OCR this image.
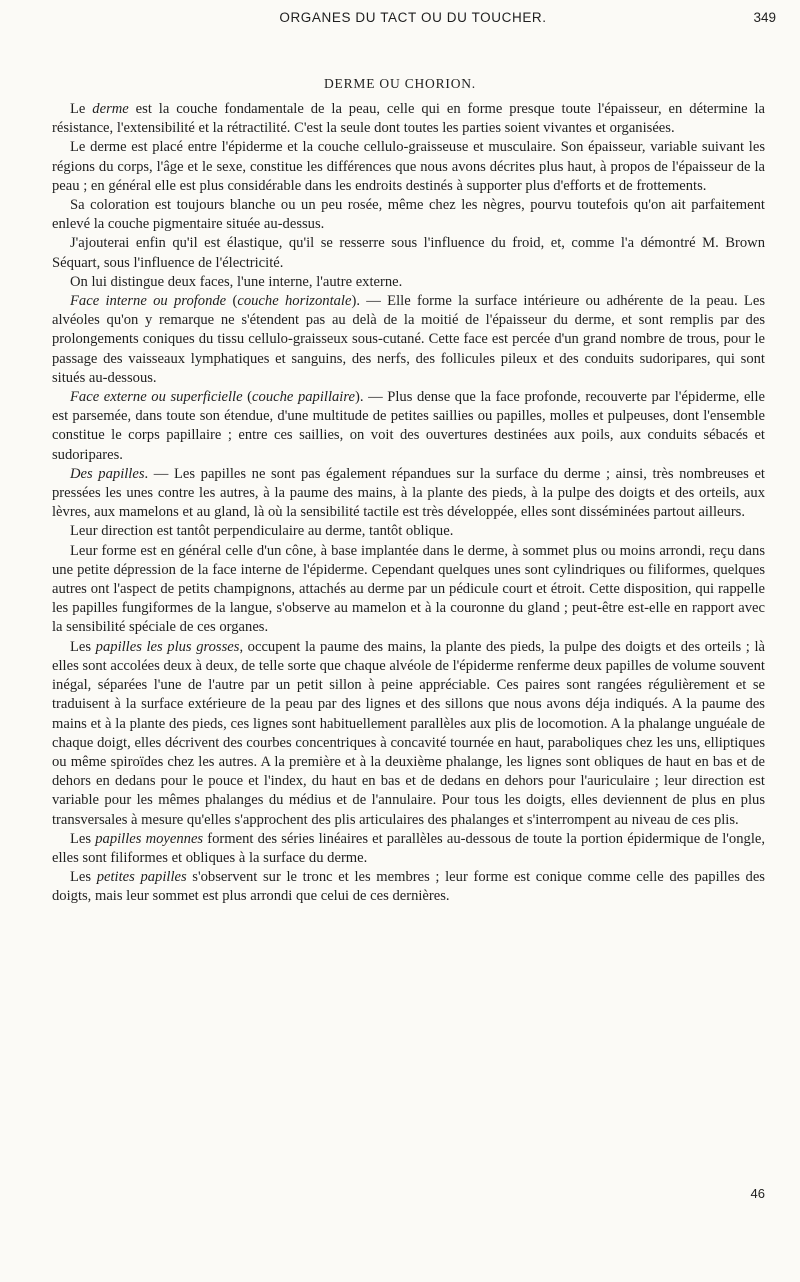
ORGANES DU TACT OU DU TOUCHER.	349
DERME OU CHORION.

Le derme est la couche fondamentale de la peau, celle qui en forme presque toute l'épaisseur, en détermine la résistance, l'extensibilité et la rétractilité. C'est la seule dont toutes les parties soient vivantes et organisées.

Le derme est placé entre l'épiderme et la couche cellulo-graisseuse et musculaire. Son épaisseur, variable suivant les régions du corps, l'âge et le sexe, constitue les différences que nous avons décrites plus haut, à propos de l'épaisseur de la peau ; en général elle est plus considérable dans les endroits destinés à supporter plus d'efforts et de frottements.

Sa coloration est toujours blanche ou un peu rosée, même chez les nègres, pourvu toutefois qu'on ait parfaitement enlevé la couche pigmentaire située au-dessus.

J'ajouterai enfin qu'il est élastique, qu'il se resserre sous l'influence du froid, et, comme l'a démontré M. Brown Séquart, sous l'influence de l'électricité.

On lui distingue deux faces, l'une interne, l'autre externe.

Face interne ou profonde (couche horizontale). — Elle forme la surface intérieure ou adhérente de la peau. Les alvéoles qu'on y remarque ne s'étendent pas au delà de la moitié de l'épaisseur du derme, et sont remplis par des prolongements coniques du tissu cellulo-graisseux sous-cutané. Cette face est percée d'un grand nombre de trous, pour le passage des vaisseaux lymphatiques et sanguins, des nerfs, des follicules pileux et des conduits sudoripares, qui sont situés au-dessous.

Face externe ou superficielle (couche papillaire). — Plus dense que la face profonde, recouverte par l'épiderme, elle est parsemée, dans toute son étendue, d'une multitude de petites saillies ou papilles, molles et pulpeuses, dont l'ensemble constitue le corps papillaire ; entre ces saillies, on voit des ouvertures destinées aux poils, aux conduits sébacés et sudoripares.

Des papilles. — Les papilles ne sont pas également répandues sur la surface du derme ; ainsi, très nombreuses et pressées les unes contre les autres, à la paume des mains, à la plante des pieds, à la pulpe des doigts et des orteils, aux lèvres, aux mamelons et au gland, là où la sensibilité tactile est très développée, elles sont disséminées partout ailleurs.

Leur direction est tantôt perpendiculaire au derme, tantôt oblique.

Leur forme est en général celle d'un cône, à base implantée dans le derme, à sommet plus ou moins arrondi, reçu dans une petite dépression de la face interne de l'épiderme. Cependant quelques unes sont cylindriques ou filiformes, quelques autres ont l'aspect de petits champignons, attachés au derme par un pédicule court et étroit. Cette disposition, qui rappelle les papilles fungiformes de la langue, s'observe au mamelon et à la couronne du gland ; peut-être est-elle en rapport avec la sensibilité spéciale de ces organes.

Les papilles les plus grosses, occupent la paume des mains, la plante des pieds, la pulpe des doigts et des orteils ; là elles sont accolées deux à deux, de telle sorte que chaque alvéole de l'épiderme renferme deux papilles de volume souvent inégal, séparées l'une de l'autre par un petit sillon à peine appréciable. Ces paires sont rangées régulièrement et se traduisent à la surface extérieure de la peau par des lignes et des sillons que nous avons déja indiqués. A la paume des mains et à la plante des pieds, ces lignes sont habituellement parallèles aux plis de locomotion. A la phalange unguéale de chaque doigt, elles décrivent des courbes concentriques à concavité tournée en haut, paraboliques chez les uns, elliptiques ou même spiroïdes chez les autres. A la première et à la deuxième phalange, les lignes sont obliques de haut en bas et de dehors en dedans pour le pouce et l'index, du haut en bas et de dedans en dehors pour l'auriculaire ; leur direction est variable pour les mêmes phalanges du médius et de l'annulaire. Pour tous les doigts, elles deviennent de plus en plus transversales à mesure qu'elles s'approchent des plis articulaires des phalanges et s'interrompent au niveau de ces plis.

Les papilles moyennes forment des séries linéaires et parallèles au-dessous de toute la portion épidermique de l'ongle, elles sont filiformes et obliques à la surface du derme.

Les petites papilles s'observent sur le tronc et les membres ; leur forme est conique comme celle des papilles des doigts, mais leur sommet est plus arrondi que celui de ces dernières.

46
